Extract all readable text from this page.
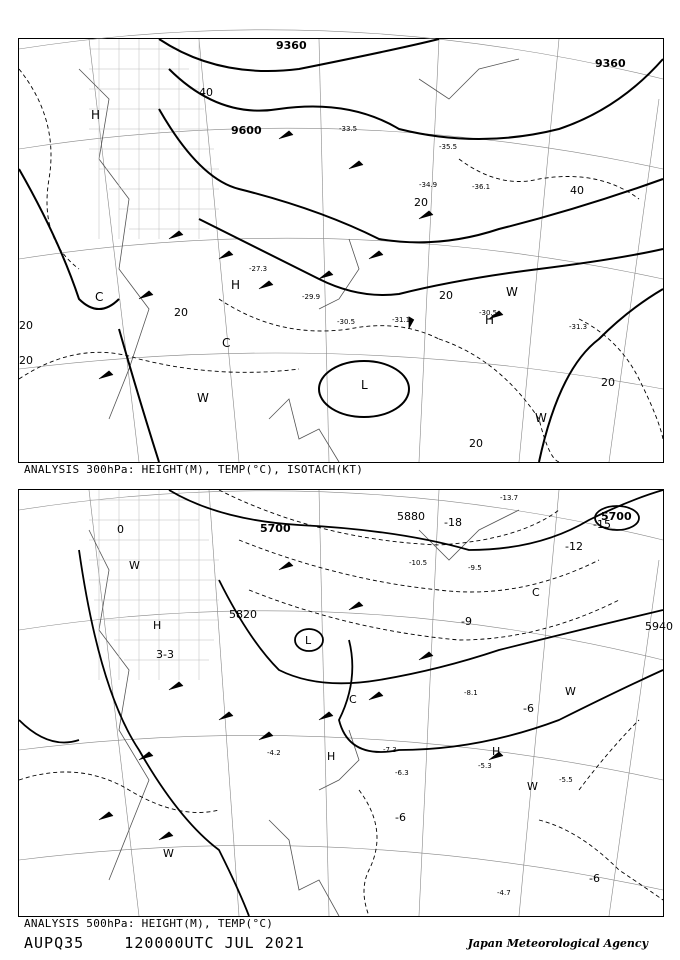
9360
9600
9360
40
40
20
20
20
20
20
20
20
-31.1
-30.5
-30.5
-31.3
-34.9
-35.5
-36.1
-33.5
-29.9
-27.3
H
H
H
L
C
C
W
W
W
ANALYSIS 300hPa: HEIGHT(M), TEMP(°C), ISOTACH(KT)
5700
5700
5820
5940
5880 -18	-15
-12
-9
-6
-6
-6
-3
0
3
-13.7
-10.5
-9.5
-8.1
-7.3
-6.3
-5.3
-4.7
-4.2
-5.5
H
H	H
L
C
C
W
W
W
W
ANALYSIS 500hPa: HEIGHT(M), TEMP(°C)
AUPQ35    120000UTC JUL 2021	Japan Meteorological Agency
